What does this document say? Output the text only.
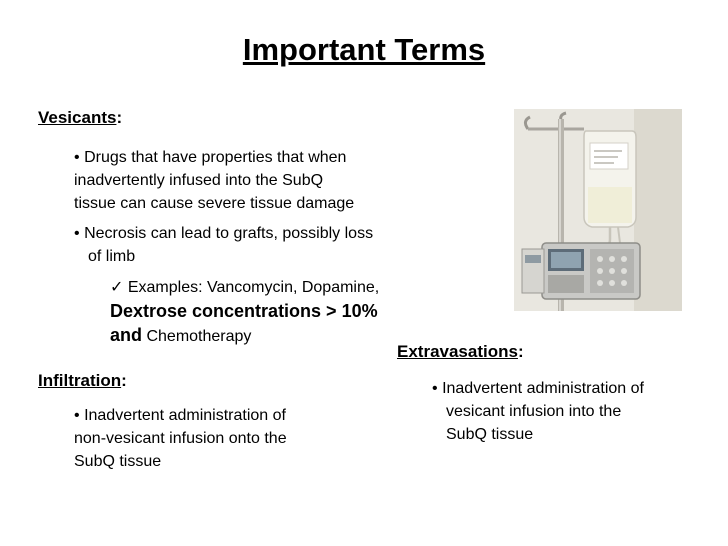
Important Terms
Vesicants:
• Drugs that have properties that when
inadvertently infused into the SubQ
tissue can cause severe tissue damage
• Necrosis can lead to grafts, possibly loss
of limb
✓ Examples: Vancomycin, Dopamine,
Dextrose concentrations > 10%
and Chemotherapy
Infiltration:
• Inadvertent administration of
non-vesicant infusion onto the
SubQ tissue
Extravasations:
• Inadvertent administration of
vesicant infusion into the
SubQ tissue
